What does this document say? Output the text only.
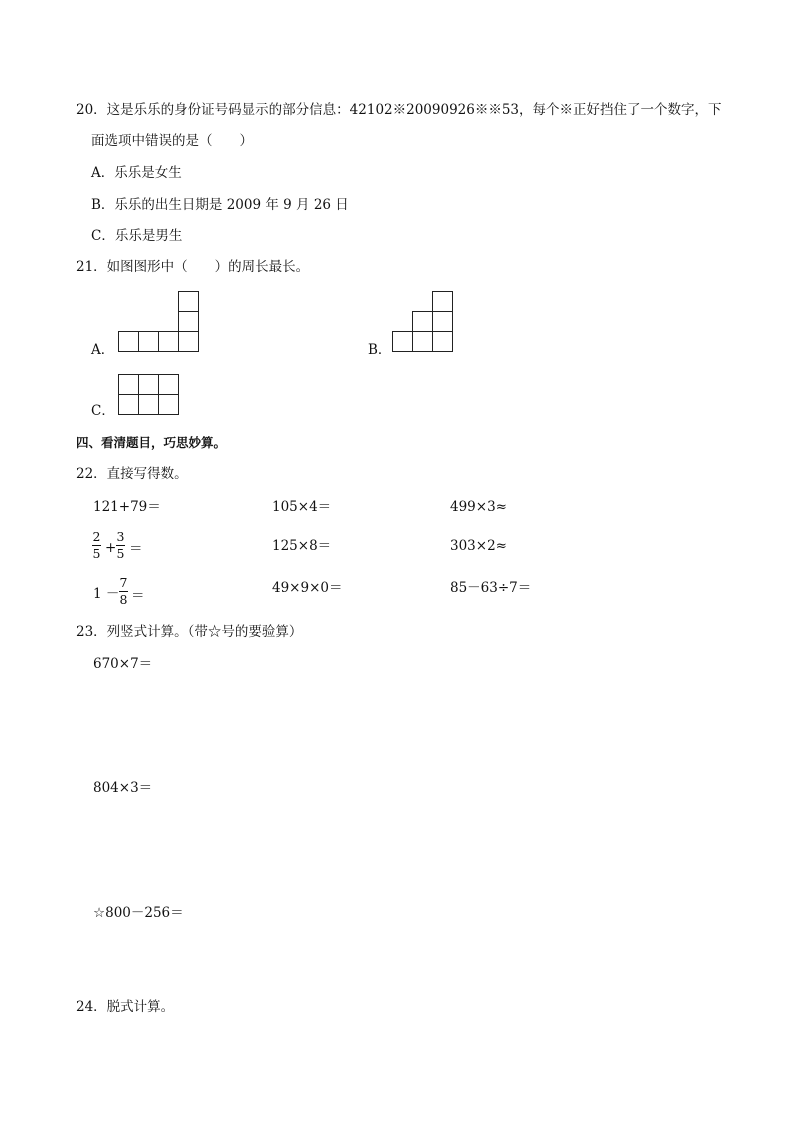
20．这是乐乐的身份证号码显示的部分信息：42102※20090926※※53，每个※正好挡住了一个数字，下
面选项中错误的是（　　）
A．乐乐是女生
B．乐乐的出生日期是 2009 年 9 月 26 日
C．乐乐是男生
21．如图图形中（　　）的周长最长。
A．	B．
C．
四、看清题目，巧思妙算。
22．直接写得数。
121+79＝	105×4＝	499×3≈
2
5 +
3
5 ＝	125×8＝	303×2≈
1 －
7
8 ＝	49×9×0＝	85－63÷7＝
23．列竖式计算。（带☆号的要验算）
670×7＝
804×3＝
☆800－256＝
24．脱式计算。
